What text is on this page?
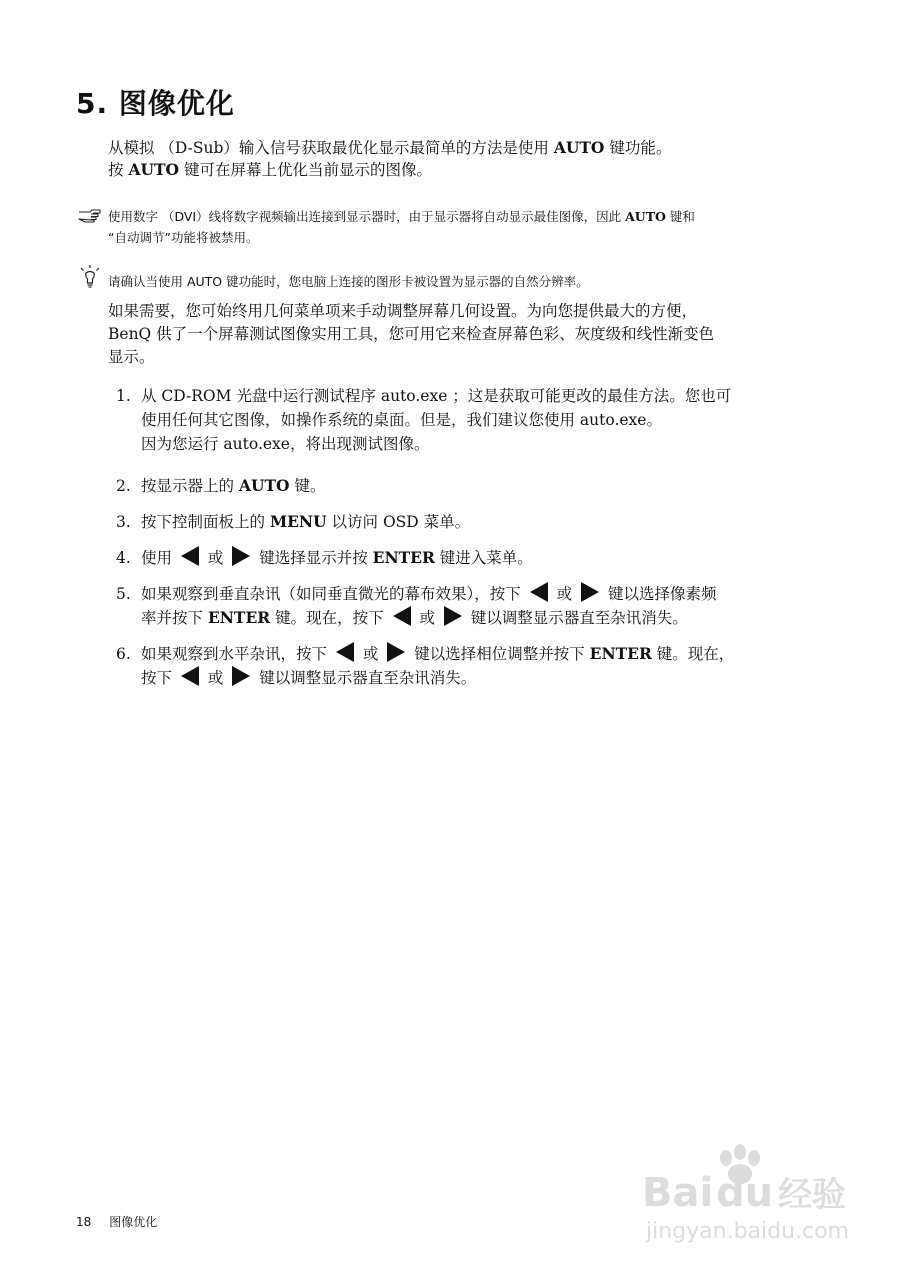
5. 图像优化
从模拟 （D-Sub）输入信号获取最优化显示最简单的方法是使用 AUTO 键功能。
按 AUTO 键可在屏幕上优化当前显示的图像。
使用数字 （DVI）线将数字视频输出连接到显示器时，由于显示器将自动显示最佳图像，因此 AUTO 键和
“自动调节”功能将被禁用。
请确认当使用 AUTO 键功能时，您电脑上连接的图形卡被设置为显示器的自然分辨率。
如果需要，您可始终用几何菜单项来手动调整屏幕几何设置。为向您提供最大的方便，
BenQ 供了一个屏幕测试图像实用工具，您可用它来检查屏幕色彩、灰度级和线性渐变色
显示。
1. 从 CD-ROM 光盘中运行测试程序 auto.exe ；这是获取可能更改的最佳方法。您也可
使用任何其它图像，如操作系统的桌面。但是，我们建议您使用 auto.exe。
因为您运行 auto.exe，将出现测试图像。
2. 按显示器上的 AUTO 键。
3. 按下控制面板上的 MENU 以访问 OSD 菜单。
4. 使用  或  键选择显示并按 ENTER 键进入菜单。
5. 如果观察到垂直杂讯（如同垂直微光的幕布效果），按下  或  键以选择像素频
率并按下 ENTER 键。现在，按下  或  键以调整显示器直至杂讯消失。
6. 如果观察到水平杂讯，按下  或  键以选择相位调整并按下 ENTER 键。现在，
按下  或  键以调整显示器直至杂讯消失。
18 图像优化
Bai du 经验
jingyan.baidu.com
